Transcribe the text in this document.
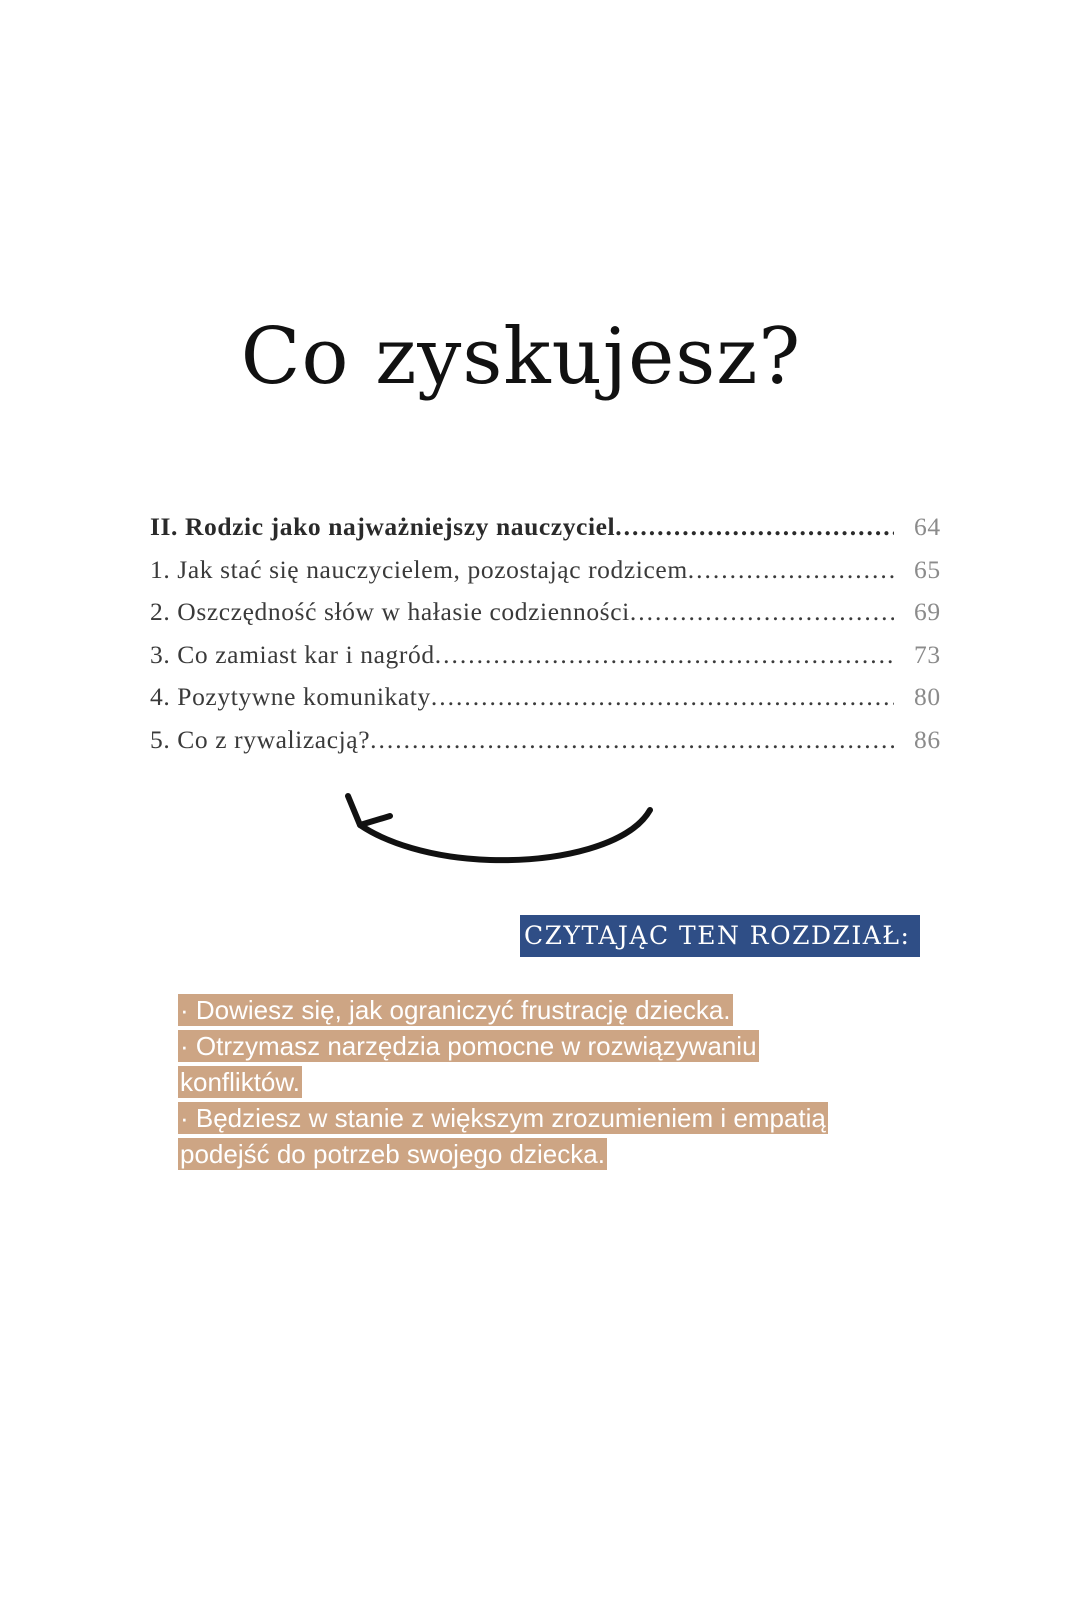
Co zyskujesz?
II. Rodzic jako najważniejszy nauczyciel .....	64
1. Jak stać się nauczycielem, pozostając rodzicem .....	65
2. Oszczędność słów w hałasie codzienności .....	69
3. Co zamiast kar i nagród .....	73
4. Pozytywne komunikaty .....	80
5. Co z rywalizacją? .....	86
CZYTAJĄC TEN ROZDZIAŁ:
· Dowiesz się, jak ograniczyć frustrację dziecka.
· Otrzymasz narzędzia pomocne w rozwiązywaniu
konfliktów.
· Będziesz w stanie z większym zrozumieniem i empatią
podejść do potrzeb swojego dziecka.
